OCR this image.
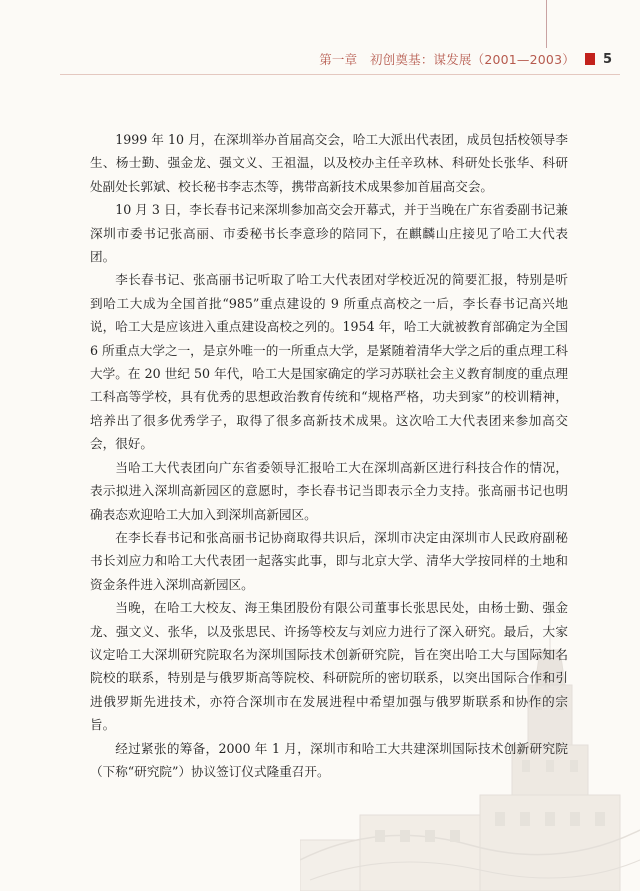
第一章　初创奠基：谋发展（2001—2003） 5

1999 年 10 月，在深圳举办首届高交会，哈工大派出代表团，成员包括校领导李生、杨士勤、强金龙、强文义、王祖温，以及校办主任辛玖林、科研处长张华、科研处副处长郭斌、校长秘书李志杰等，携带高新技术成果参加首届高交会。

10 月 3 日，李长春书记来深圳参加高交会开幕式，并于当晚在广东省委副书记兼深圳市委书记张高丽、市委秘书长李意珍的陪同下，在麒麟山庄接见了哈工大代表团。

李长春书记、张高丽书记听取了哈工大代表团对学校近况的简要汇报，特别是听到哈工大成为全国首批“985”重点建设的 9 所重点高校之一后，李长春书记高兴地说，哈工大是应该进入重点建设高校之列的。1954 年，哈工大就被教育部确定为全国 6 所重点大学之一，是京外唯一的一所重点大学，是紧随着清华大学之后的重点理工科大学。在 20 世纪 50 年代，哈工大是国家确定的学习苏联社会主义教育制度的重点理工科高等学校，具有优秀的思想政治教育传统和“规格严格，功夫到家”的校训精神，培养出了很多优秀学子，取得了很多高新技术成果。这次哈工大代表团来参加高交会，很好。

当哈工大代表团向广东省委领导汇报哈工大在深圳高新区进行科技合作的情况，表示拟进入深圳高新园区的意愿时，李长春书记当即表示全力支持。张高丽书记也明确表态欢迎哈工大加入到深圳高新园区。

在李长春书记和张高丽书记协商取得共识后，深圳市决定由深圳市人民政府副秘书长刘应力和哈工大代表团一起落实此事，即与北京大学、清华大学按同样的土地和资金条件进入深圳高新园区。

当晚，在哈工大校友、海王集团股份有限公司董事长张思民处，由杨士勤、强金龙、强文义、张华，以及张思民、许扬等校友与刘应力进行了深入研究。最后，大家议定哈工大深圳研究院取名为深圳国际技术创新研究院，旨在突出哈工大与国际知名院校的联系，特别是与俄罗斯高等院校、科研院所的密切联系，以突出国际合作和引进俄罗斯先进技术，亦符合深圳市在发展进程中希望加强与俄罗斯联系和协作的宗旨。

经过紧张的筹备，2000 年 1 月，深圳市和哈工大共建深圳国际技术创新研究院（下称“研究院”）协议签订仪式隆重召开。
